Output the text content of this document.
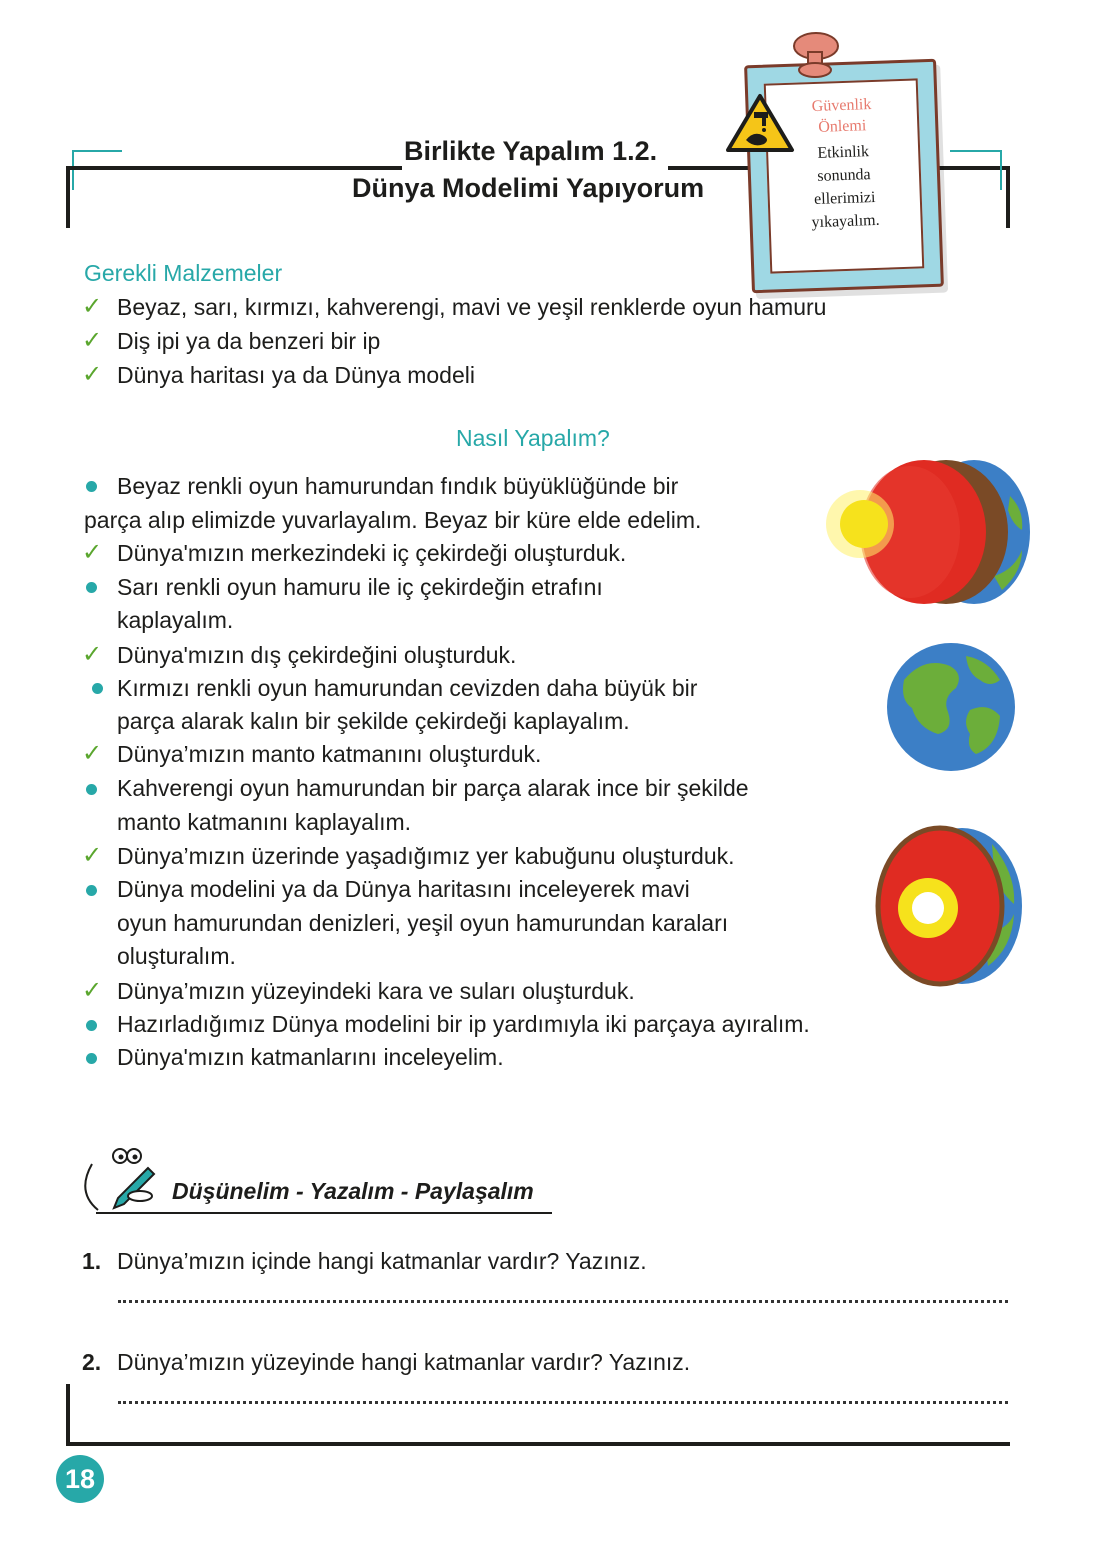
Birlikte Yapalım 1.2.
Dünya Modelimi Yapıyorum
Güvenlik
Önlemi
Etkinlik
sonunda
ellerimizi
yıkayalım.
Gerekli Malzemeler
✓ Beyaz, sarı, kırmızı, kahverengi, mavi ve yeşil renklerde oyun hamuru
✓ Diş ipi ya da benzeri bir ip
✓ Dünya haritası ya da Dünya modeli
Nasıl Yapalım?
Beyaz renkli oyun hamurundan fındık büyüklüğünde bir
parça alıp elimizde yuvarlayalım. Beyaz bir küre elde edelim.
✓ Dünya'mızın merkezindeki iç çekirdeği oluşturduk.
Sarı renkli oyun hamuru ile iç çekirdeğin etrafını
kaplayalım.
✓ Dünya'mızın dış çekirdeğini oluşturduk.
Kırmızı renkli oyun hamurundan cevizden daha büyük bir
parça alarak kalın bir şekilde çekirdeği kaplayalım.
✓ Dünya’mızın manto katmanını oluşturduk.
Kahverengi oyun hamurundan bir parça alarak ince bir şekilde
manto katmanını kaplayalım.
✓ Dünya’mızın üzerinde yaşadığımız yer kabuğunu oluşturduk.
Dünya modelini ya da Dünya haritasını inceleyerek mavi
oyun hamurundan denizleri, yeşil oyun hamurundan karaları
oluşturalım.
✓ Dünya’mızın yüzeyindeki kara ve suları oluşturduk.
Hazırladığımız Dünya modelini bir ip yardımıyla iki parçaya ayıralım.
Dünya'mızın katmanlarını inceleyelim.
Düşünelim - Yazalım - Paylaşalım
1. Dünya’mızın içinde hangi katmanlar vardır? Yazınız.
2. Dünya’mızın yüzeyinde hangi katmanlar vardır? Yazınız.
18
